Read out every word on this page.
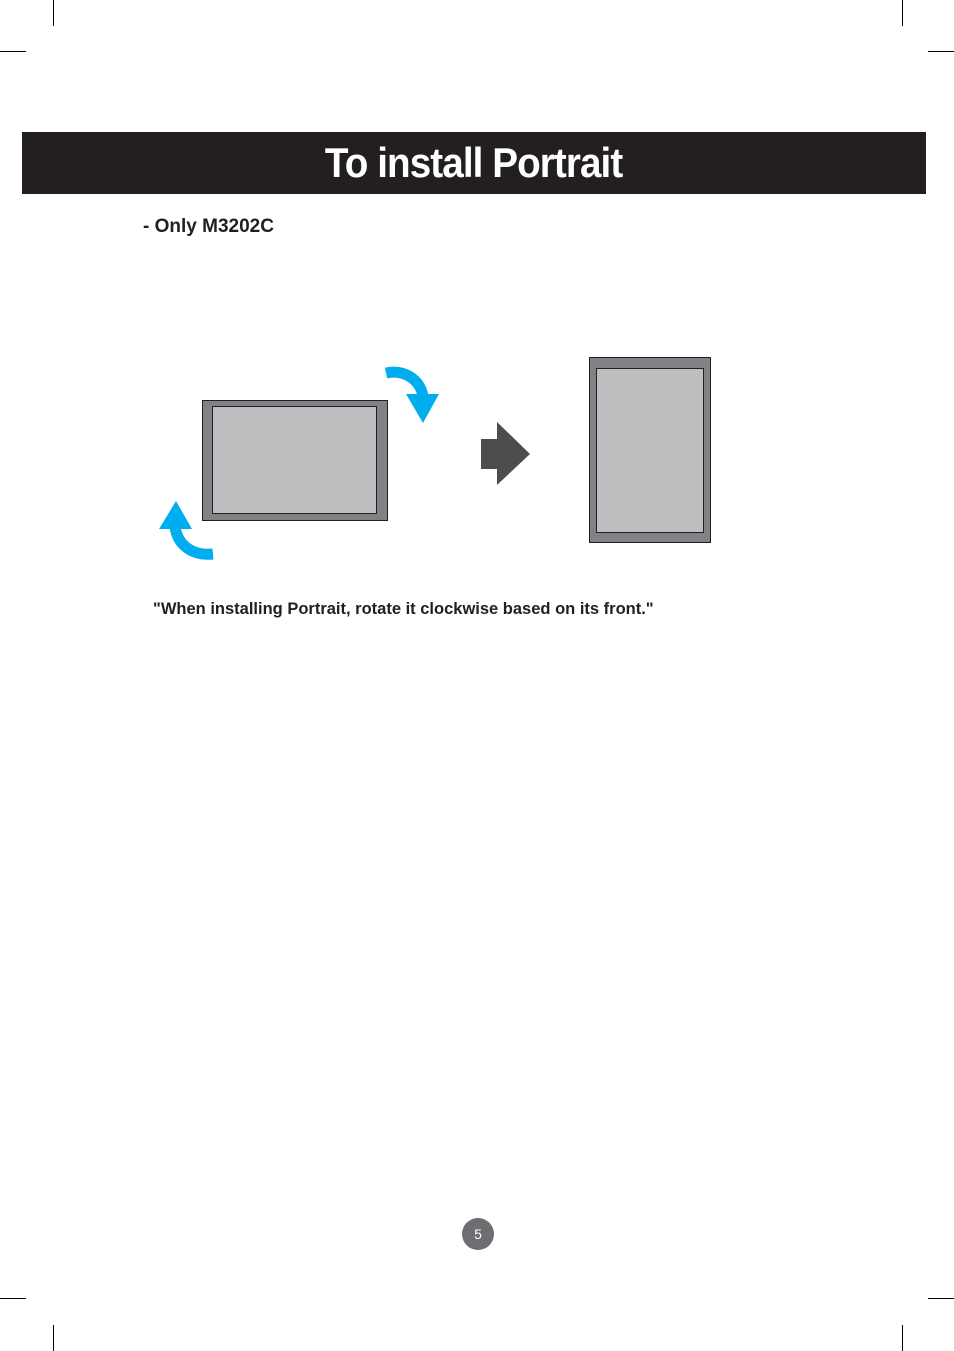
To install Portrait
- Only M3202C
"When installing Portrait, rotate it clockwise based on its front."
5
